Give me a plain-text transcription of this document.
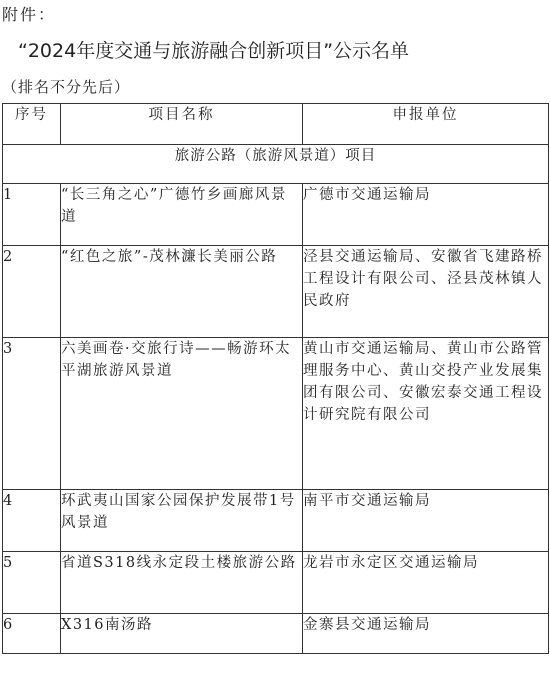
附件：
“2024年度交通与旅游融合创新项目”公示名单
（排名不分先后）
序号	项目名称	申报单位
旅游公路（旅游风景道）项目		
1	“长三角之心”广德竹乡画廊风景道	广德市交通运输局
2	“红色之旅”-茂林濂长美丽公路	泾县交通运输局、安徽省飞建路桥工程设计有限公司、泾县茂林镇人民政府
3	六美画卷·交旅行诗——畅游环太平湖旅游风景道	黄山市交通运输局、黄山市公路管理服务中心、黄山交投产业发展集团有限公司、安徽宏泰交通工程设计研究院有限公司
4	环武夷山国家公园保护发展带1号风景道	南平市交通运输局
5	省道S318线永定段土楼旅游公路	龙岩市永定区交通运输局
6	X316南汤路	金寨县交通运输局
